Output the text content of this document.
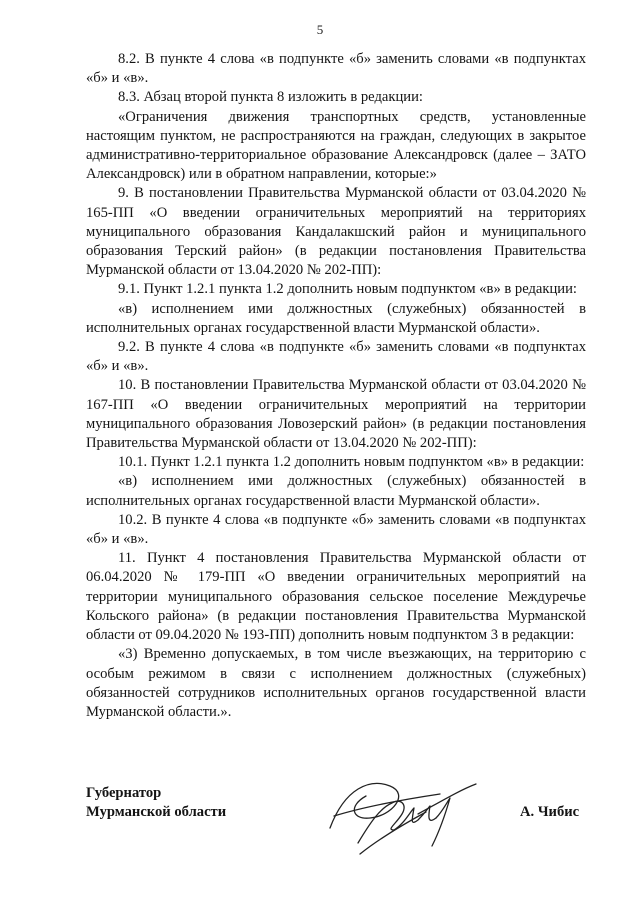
5

8.2. В пункте 4 слова «в подпункте «б» заменить словами «в подпунктах «б» и «в».

8.3. Абзац второй пункта 8 изложить в редакции:

«Ограничения движения транспортных средств, установленные настоящим пунктом, не распространяются на граждан, следующих в закрытое административно-территориальное образование Александровск (далее – ЗАТО Александровск) или в обратном направлении, которые:»

9. В постановлении Правительства Мурманской области от 03.04.2020 № 165-ПП «О введении ограничительных мероприятий на территориях муниципального образования Кандалакшский район и муниципального образования Терский район» (в редакции постановления Правительства Мурманской области от 13.04.2020 № 202-ПП):

9.1. Пункт 1.2.1 пункта 1.2 дополнить новым подпунктом «в» в редакции:

«в) исполнением ими должностных (служебных) обязанностей в исполнительных органах государственной власти Мурманской области».

9.2. В пункте 4 слова «в подпункте «б» заменить словами «в подпунктах «б» и «в».

10. В постановлении Правительства Мурманской области от 03.04.2020 № 167-ПП «О введении ограничительных мероприятий на территории муниципального образования Ловозерский район» (в редакции постановления Правительства Мурманской области от 13.04.2020 № 202-ПП):

10.1. Пункт 1.2.1 пункта 1.2 дополнить новым подпунктом «в» в редакции:

«в) исполнением ими должностных (служебных) обязанностей в исполнительных органах государственной власти Мурманской области».

10.2. В пункте 4 слова «в подпункте «б» заменить словами «в подпунктах «б» и «в».

11. Пункт 4 постановления Правительства Мурманской области от 06.04.2020 № 179-ПП «О введении ограничительных мероприятий на территории муниципального образования сельское поселение Междуречье Кольского района» (в редакции постановления Правительства Мурманской области от 09.04.2020 № 193-ПП) дополнить новым подпунктом 3 в редакции:

«3) Временно допускаемых, в том числе въезжающих, на территорию с особым режимом в связи с исполнением должностных (служебных) обязанностей сотрудников исполнительных органов государственной власти Мурманской области.».

Губернатор
Мурманской области	А. Чибис
